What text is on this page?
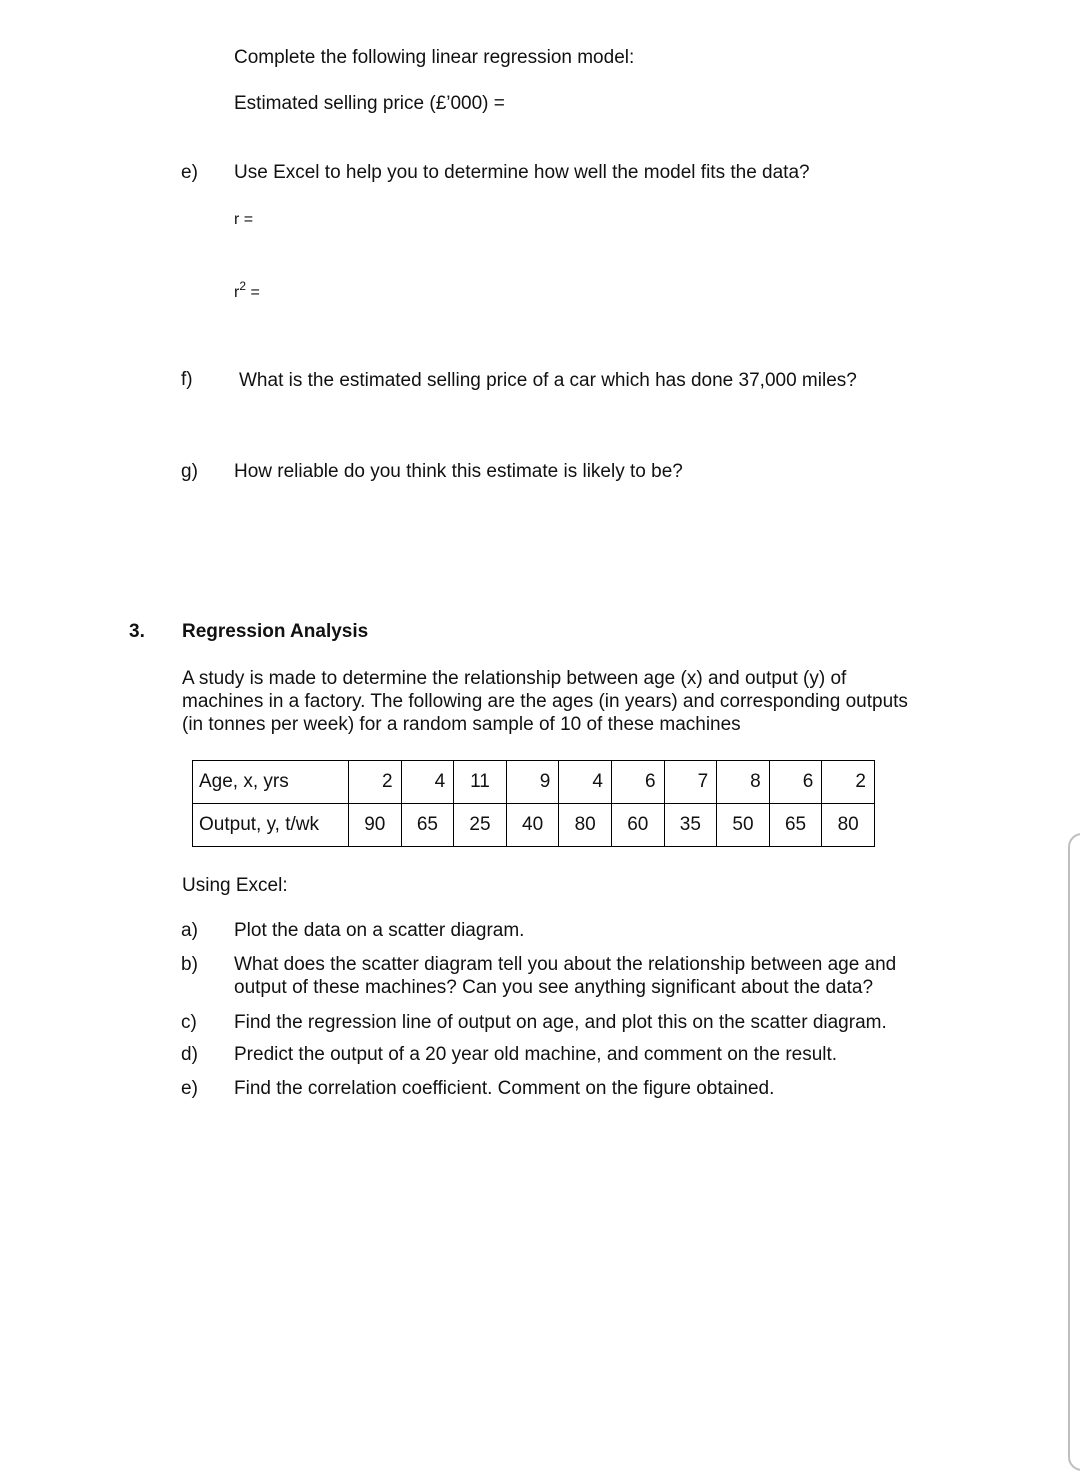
Complete the following linear regression model:
Estimated selling price (£’000) =
e) Use Excel to help you to determine how well the model fits the data?
r =
$r^2$ =
f) What is the estimated selling price of a car which has done 37,000 miles?
g) How reliable do you think this estimate is likely to be?
3. Regression Analysis
A study is made to determine the relationship between age (x) and output (y) of
machines in a factory. The following are the ages (in years) and corresponding outputs
(in tonnes per week) for a random sample of 10 of these machines
Age, x, yrs	2	4	11	9	4	6	7	8	6	2
Output, y, t/wk	90	65	25	40	80	60	35	50	65	80
Using Excel:
a) Plot the data on a scatter diagram.
b) What does the scatter diagram tell you about the relationship between age and
output of these machines? Can you see anything significant about the data?
c) Find the regression line of output on age, and plot this on the scatter diagram.
d) Predict the output of a 20 year old machine, and comment on the result.
e) Find the correlation coefficient. Comment on the figure obtained.
